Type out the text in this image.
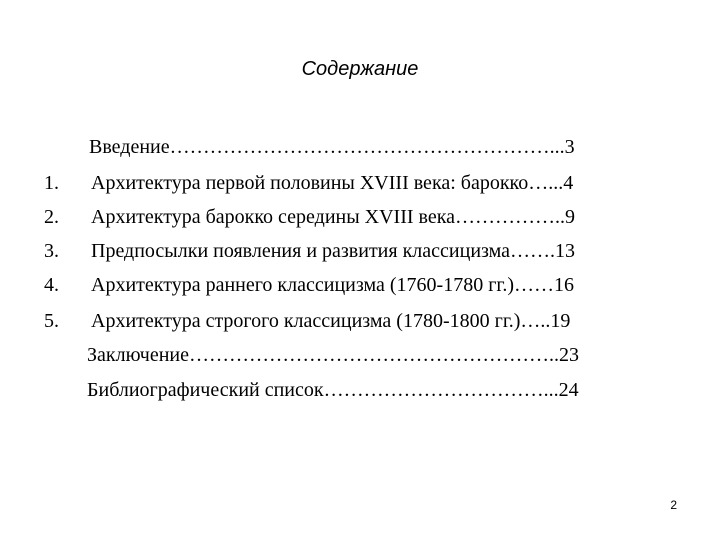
Содержание
Введение…………………………………………………...3
1. Архитектура первой половины XVIII века: барокко…...4
2. Архитектура барокко середины XVIII века……………..9
3. Предпосылки появления и развития классицизма…….13
4. Архитектура раннего классицизма (1760-1780 гг.)……16
5. Архитектура строгого классицизма (1780-1800 гг.)…..19
Заключение………………………………………………..23
Библиографический список……………………………...24
2
